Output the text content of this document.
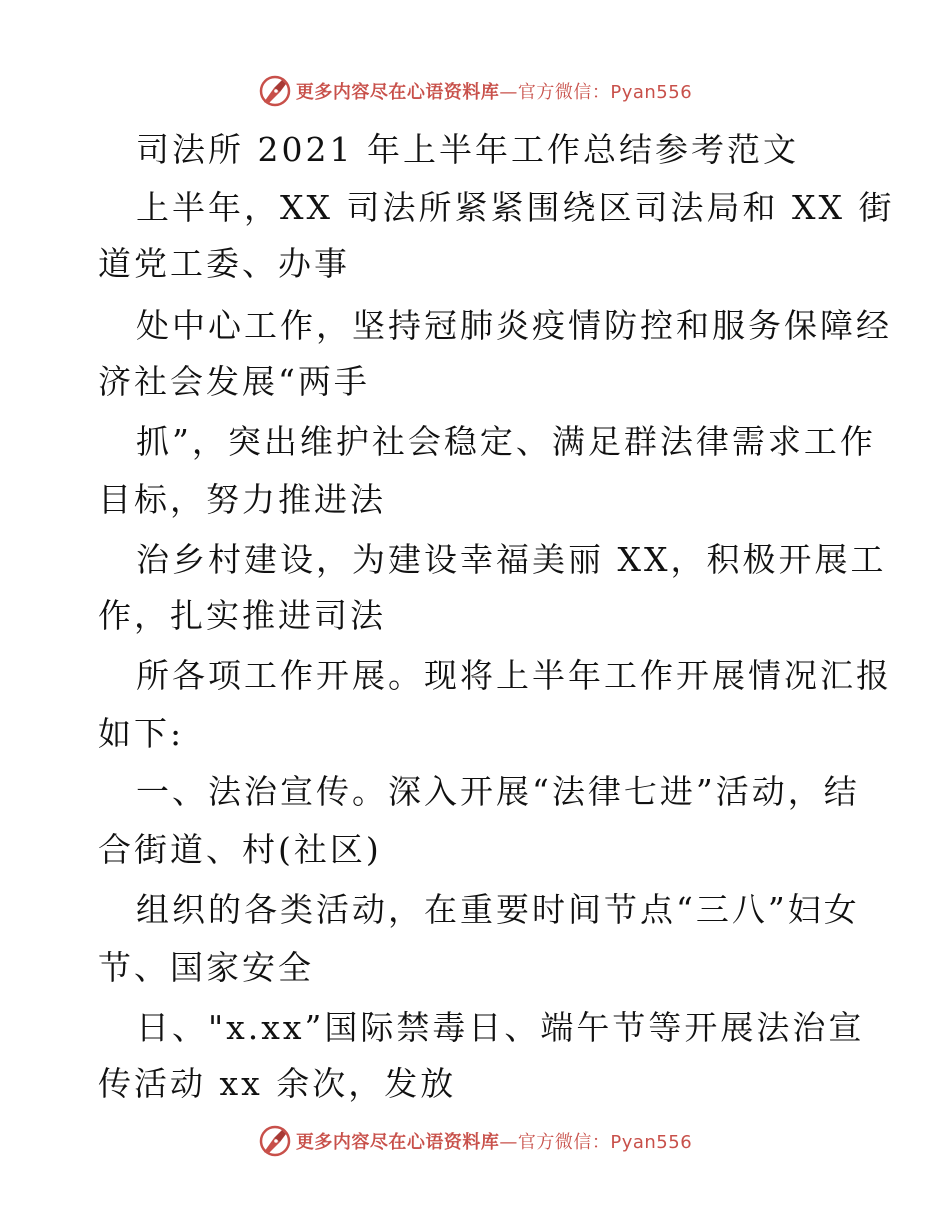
更多内容尽在心语资料库—官方微信：Pyan556
司法所 2021 年上半年工作总结参考范文
上半年，XX 司法所紧紧围绕区司法局和 XX 街
道党工委、办事
处中心工作，坚持冠肺炎疫情防控和服务保障经
济社会发展“两手
抓”，突出维护社会稳定、满足群法律需求工作
目标，努力推进法
治乡村建设，为建设幸福美丽 XX，积极开展工
作，扎实推进司法
所各项工作开展。现将上半年工作开展情况汇报
如下:
一、法治宣传。深入开展“法律七进”活动，结
合街道、村(社区)
组织的各类活动，在重要时间节点“三八”妇女
节、国家安全
日、"x.xx”国际禁毒日、端午节等开展法治宣
传活动 xx 余次，发放
更多内容尽在心语资料库—官方微信：Pyan556
